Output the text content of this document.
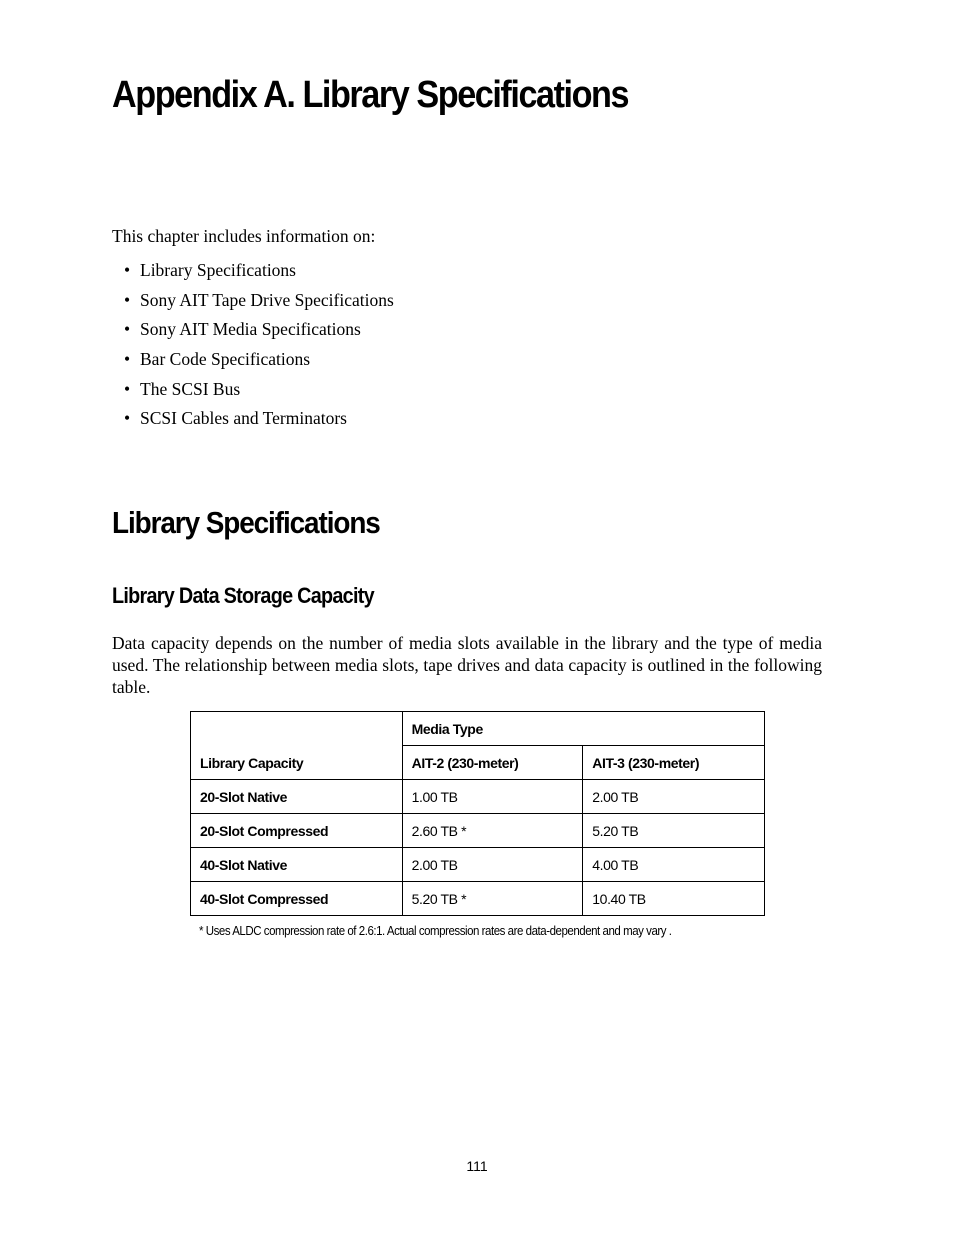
Appendix A. Library Specifications

This chapter includes information on:

• Library Specifications
• Sony AIT Tape Drive Specifications
• Sony AIT Media Specifications
• Bar Code Specifications
• The SCSI Bus
• SCSI Cables and Terminators
Library Specifications
Library Data Storage Capacity

Data capacity depends on the number of media slots available in the library and the type of media used. The relationship between media slots, tape drives and data capacity is outlined in the following table.

Library Capacity	Media Type	
	AIT-2 (230-meter)	AIT-3 (230-meter)
20-Slot Native	1.00 TB	2.00 TB
20-Slot Compressed	2.60 TB *	5.20 TB
40-Slot Native	2.00 TB	4.00 TB
40-Slot Compressed	5.20 TB *	10.40 TB

* Uses ALDC compression rate of 2.6:1. Actual compression rates are data-dependent and may vary .

111
